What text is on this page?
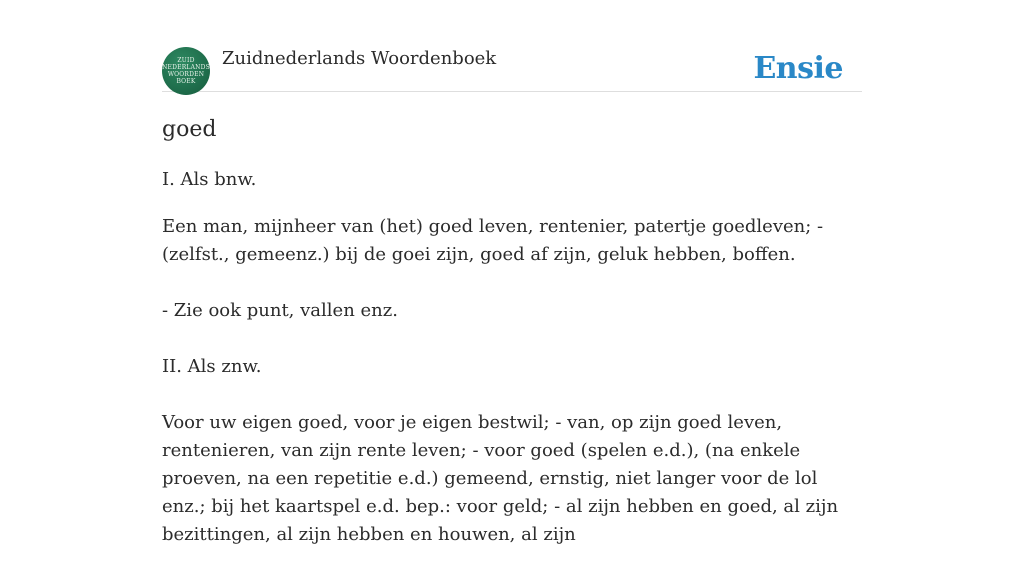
ZUID
NEDERLANDS
WOORDEN
BOEK
Zuidnederlands Woordenboek	Ensie
goed

I. Als bnw.

Een man, mijnheer van (het) goed leven, rentenier, patertje goedleven; - (zelfst., gemeenz.) bij de goei zijn, goed af zijn, geluk hebben, boffen.

- Zie ook punt, vallen enz.

II. Als znw.

Voor uw eigen goed, voor je eigen bestwil; - van, op zijn goed leven, rentenieren, van zijn rente leven; - voor goed (spelen e.d.), (na enkele proeven, na een repetitie e.d.) gemeend, ernstig, niet langer voor de lol enz.; bij het kaartspel e.d. bep.: voor geld; - al zijn hebben en goed, al zijn bezittingen, al zijn hebben en houwen, al zijn
